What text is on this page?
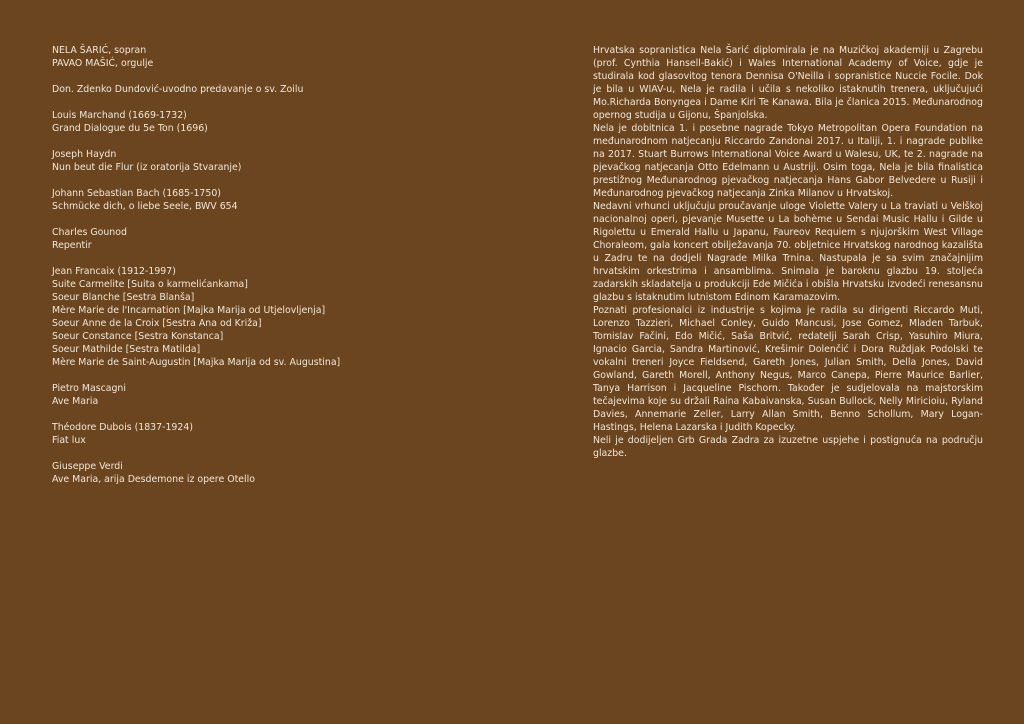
NELA ŠARIĆ, sopran
PAVAO MAŠIĆ, orgulje
Don. Zdenko Dundović-uvodno predavanje o sv. Zoilu
Louis Marchand (1669-1732)
Grand Dialogue du 5e Ton (1696)
Joseph Haydn
Nun beut die Flur (iz oratorija Stvaranje)
Johann Sebastian Bach (1685-1750)
Schmücke dich, o liebe Seele, BWV 654
Charles Gounod
Repentir
Jean Francaix (1912-1997)
Suite Carmelite [Suita o karmelićankama]
Soeur Blanche [Sestra Blanša]
Mère Marie de l'Incarnation [Majka Marija od Utjelovljenja]
Soeur Anne de la Croix [Sestra Ana od Križa]
Soeur Constance [Sestra Konstanca]
Soeur Mathilde [Sestra Matilda]
Mère Marie de Saint-Augustin [Majka Marija od sv. Augustina]
Pietro Mascagni
Ave Maria
Théodore Dubois (1837-1924)
Fiat lux
Giuseppe Verdi
Ave Maria, arija Desdemone iz opere Otello

Hrvatska sopranistica Nela Šarić diplomirala je na Muzičkoj akademiji u Zagrebu (prof. Cynthia Hansell-Bakić) i Wales International Academy of Voice, gdje je studirala kod glasovitog tenora Dennisa O'Neilla i sopranistice Nuccie Focile. Dok je bila u WIAV-u, Nela je radila i učila s nekoliko istaknutih trenera, uključujući Mo.Richarda Bonyngea i Dame Kiri Te Kanawa. Bila je članica 2015. Međunarodnog opernog studija u Gijonu, Španjolska.

Nela je dobitnica 1. i posebne nagrade Tokyo Metropolitan Opera Foundation na međunarodnom natjecanju Riccardo Zandonai 2017. u Italiji, 1. i nagrade publike na 2017. Stuart Burrows International Voice Award u Walesu, UK, te 2. nagrade na pjevačkog natjecanja Otto Edelmann u Austriji. Osim toga, Nela je bila finalistica prestižnog Međunarodnog pjevačkog natjecanja Hans Gabor Belvedere u Rusiji i Međunarodnog pjevačkog natjecanja Zinka Milanov u Hrvatskoj.

Nedavni vrhunci uključuju proučavanje uloge Violette Valery u La traviati u Velškoj nacionalnoj operi, pjevanje Musette u La bohème u Sendai Music Hallu i Gilde u Rigolettu u Emerald Hallu u Japanu, Faureov Requiem s njujorškim West Village Choraleom, gala koncert obilježavanja 70. obljetnice Hrvatskog narodnog kazališta u Zadru te na dodjeli Nagrade Milka Trnina. Nastupala je sa svim značajnijim hrvatskim orkestrima i ansamblima. Snimala je baroknu glazbu 19. stoljeća zadarskih skladatelja u produkciji Ede Mičića i obišla Hrvatsku izvodeći renesansnu glazbu s istaknutim lutnistom Edinom Karamazovim.

Poznati profesionalci iz industrije s kojima je radila su dirigenti Riccardo Muti, Lorenzo Tazzieri, Michael Conley, Guido Mancusi, Jose Gomez, Mladen Tarbuk, Tomislav Fačini, Edo Mičić, Saša Britvić, redatelji Sarah Crisp, Yasuhiro Miura, Ignacio Garcia, Sandra Martinović, Krešimir Dolenčić i Dora Ruždjak Podolski te vokalni treneri Joyce Fieldsend, Gareth Jones, Julian Smith, Della Jones, David Gowland, Gareth Morell, Anthony Negus, Marco Canepa, Pierre Maurice Barlier, Tanya Harrison i Jacqueline Pischorn. Također je sudjelovala na majstorskim tečajevima koje su držali Raina Kabaivanska, Susan Bullock, Nelly Miricioiu, Ryland Davies, Annemarie Zeller, Larry Allan Smith, Benno Schollum, Mary Logan-Hastings, Helena Lazarska i Judith Kopecky.

Neli je dodijeljen Grb Grada Zadra za izuzetne uspjehe i postignuća na području glazbe.
